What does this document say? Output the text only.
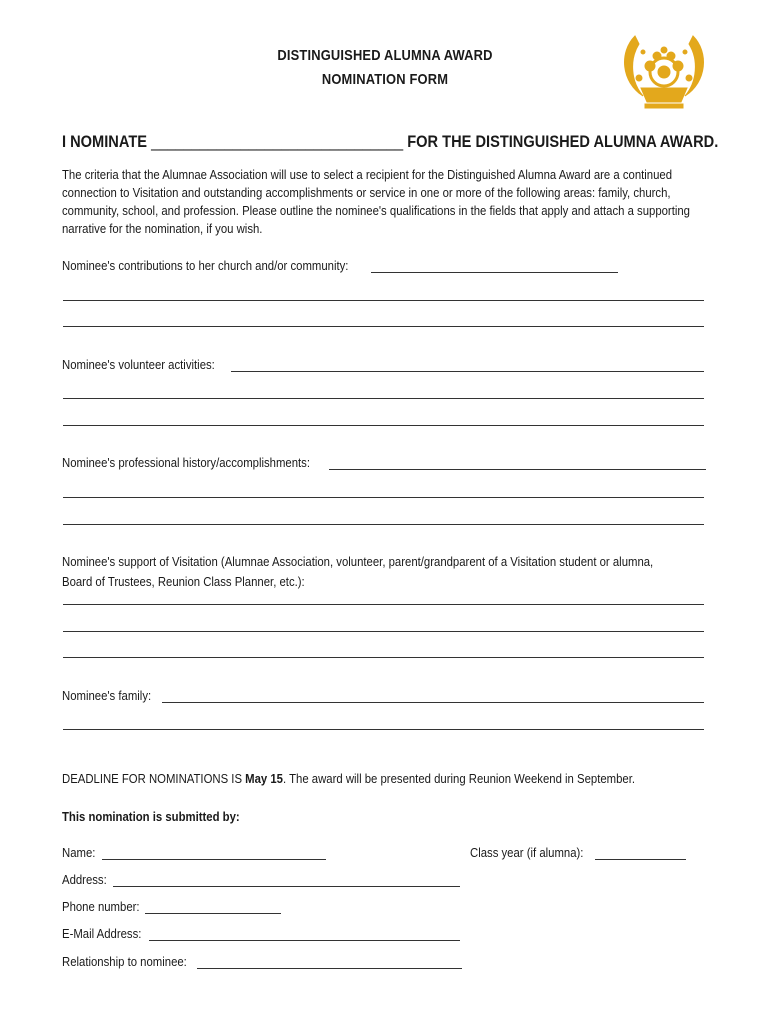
DISTINGUISHED ALUMNA AWARD
NOMINATION FORM
I NOMINATE _______________________________ FOR THE DISTINGUISHED ALUMNA AWARD.
The criteria that the Alumnae Association will use to select a recipient for the Distinguished Alumna Award are a continued connection to Visitation and outstanding accomplishments or service in one or more of the following areas: family, church, community, school, and profession. Please outline the nominee's qualifications in the fields that apply and attach a supporting narrative for the nomination, if you wish.
Nominee's contributions to her church and/or community:
Nominee's volunteer activities:
Nominee's professional history/accomplishments:
Nominee's support of Visitation (Alumnae Association, volunteer, parent/grandparent of a Visitation student or alumna,
Board of Trustees, Reunion Class Planner, etc.):
Nominee's family:
DEADLINE FOR NOMINATIONS IS May 15. The award will be presented during Reunion Weekend in September.
This nomination is submitted by:
Name:	Class year (if alumna):
Address:
Phone number:
E-Mail Address:
Relationship to nominee:
